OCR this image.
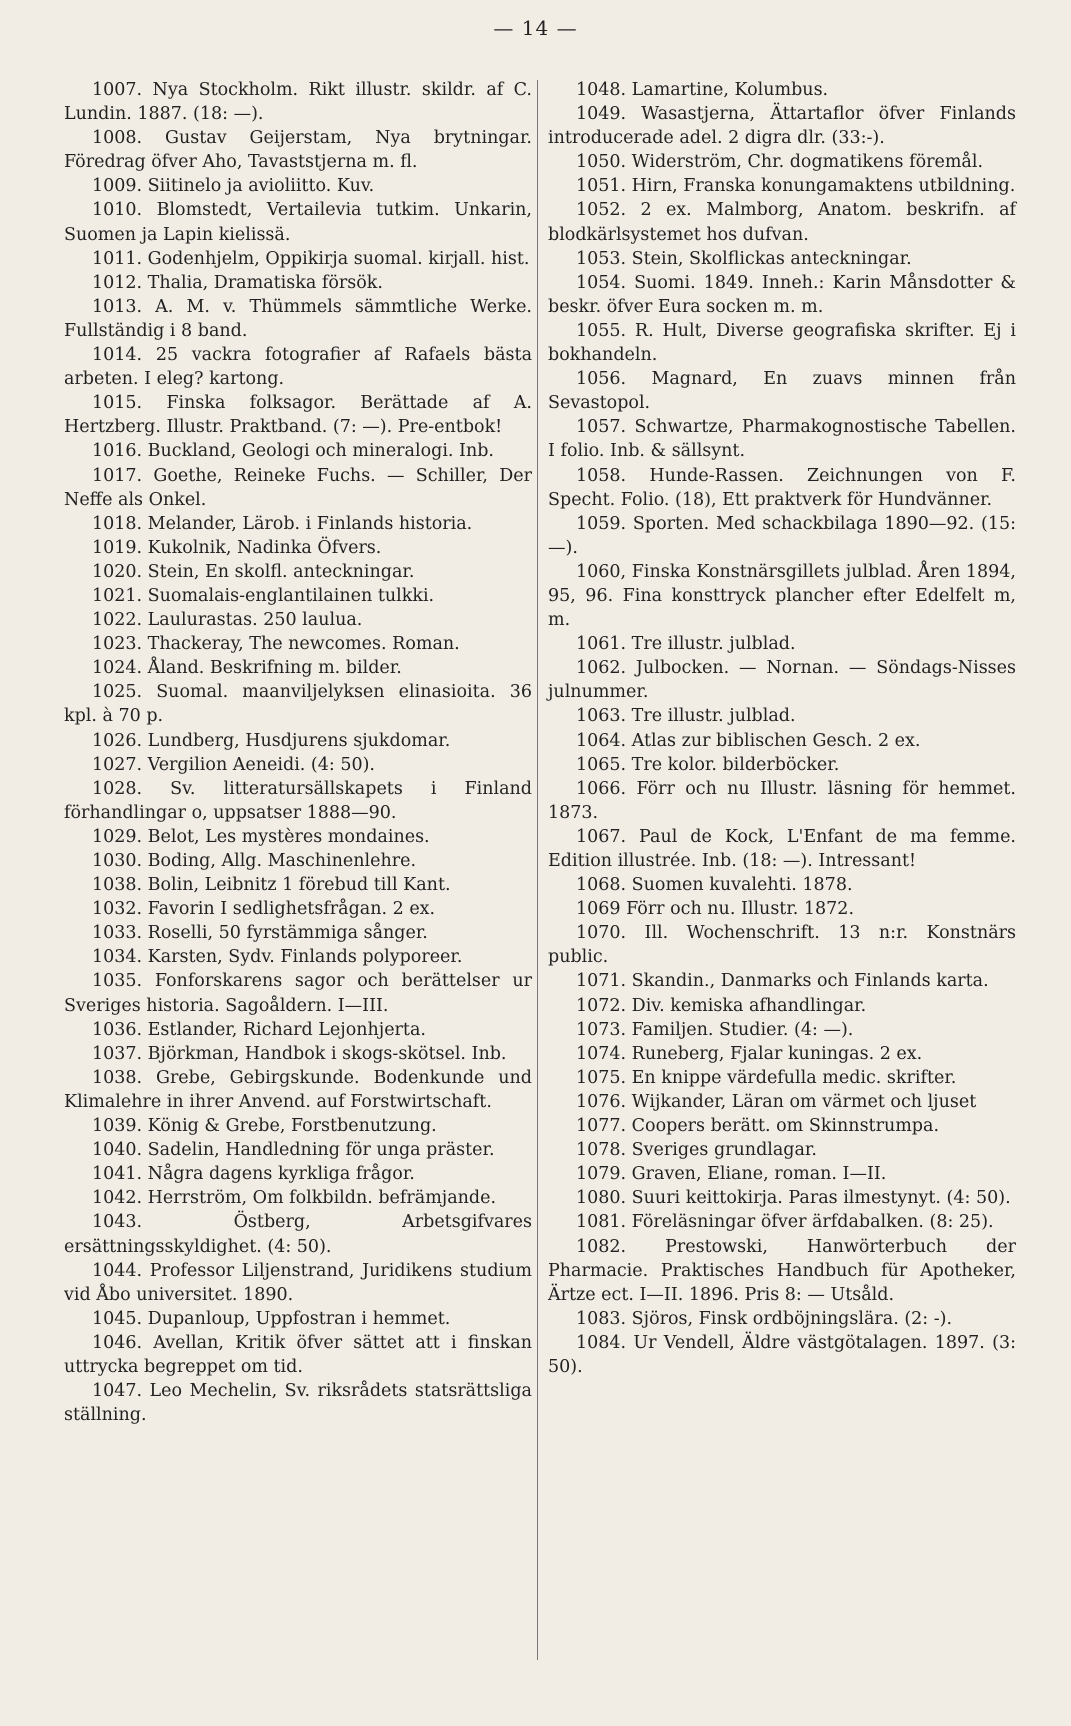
— 14 —
1007. Nya Stockholm. Rikt illustr. skildr. af C. Lundin. 1887. (18: —).
1008. Gustav Geijerstam, Nya brytningar. Föredrag öfver Aho, Tavaststjerna m. fl.
1009. Siitinelo ja avioliitto. Kuv.
1010. Blomstedt, Vertailevia tutkim. Unkarin, Suomen ja Lapin kielissä.
1011. Godenhjelm, Oppikirja suomal. kirjall. hist.
1012. Thalia, Dramatiska försök.
1013. A. M. v. Thümmels sämmtliche Werke. Fullständig i 8 band.
1014. 25 vackra fotografier af Rafaels bästa arbeten. I eleg? kartong.
1015. Finska folksagor. Berättade af A. Hertzberg. Illustr. Praktband. (7: —). Pre-entbok!
1016. Buckland, Geologi och mineralogi. Inb.
1017. Goethe, Reineke Fuchs. — Schiller, Der Neffe als Onkel.
1018. Melander, Lärob. i Finlands historia.
1019. Kukolnik, Nadinka Öfvers.
1020. Stein, En skolfl. anteckningar.
1021. Suomalais-englantilainen tulkki.
1022. Laulurastas. 250 laulua.
1023. Thackeray, The newcomes. Roman.
1024. Åland. Beskrifning m. bilder.
1025. Suomal. maanviljelyksen elinasioita. 36 kpl. à 70 p.
1026. Lundberg, Husdjurens sjukdomar.
1027. Vergilion Aeneidi. (4: 50).
1028. Sv. litteratursällskapets i Finland förhandlingar o, uppsatser 1888—90.
1029. Belot, Les mystères mondaines.
1030. Boding, Allg. Maschinenlehre.
1038. Bolin, Leibnitz 1 förebud till Kant.
1032. Favorin I sedlighetsfrågan. 2 ex.
1033. Roselli, 50 fyrstämmiga sånger.
1034. Karsten, Sydv. Finlands polyporeer.
1035. Fonforskarens sagor och berättelser ur Sveriges historia. Sagoåldern. I—III.
1036. Estlander, Richard Lejonhjerta.
1037. Björkman, Handbok i skogs-skötsel. Inb.
1038. Grebe, Gebirgskunde. Bodenkunde und Klimalehre in ihrer Anvend. auf Forstwirtschaft.
1039. König & Grebe, Forstbenutzung.
1040. Sadelin, Handledning för unga präster.
1041. Några dagens kyrkliga frågor.
1042. Herrström, Om folkbildn. befrämjande.
1043. Östberg, Arbetsgifvares ersättningsskyldighet. (4: 50).
1044. Professor Liljenstrand, Juridikens studium vid Åbo universitet. 1890.
1045. Dupanloup, Uppfostran i hemmet.
1046. Avellan, Kritik öfver sättet att i finskan uttrycka begreppet om tid.
1047. Leo Mechelin, Sv. riksrådets statsrättsliga ställning.
1048. Lamartine, Kolumbus.
1049. Wasastjerna, Ättartaflor öfver Finlands introducerade adel. 2 digra dlr. (33:-).
1050. Widerström, Chr. dogmatikens föremål.
1051. Hirn, Franska konungamaktens utbildning.
1052. 2 ex. Malmborg, Anatom. beskrifn. af blodkärlsystemet hos dufvan.
1053. Stein, Skolflickas anteckningar.
1054. Suomi. 1849. Inneh.: Karin Månsdotter & beskr. öfver Eura socken m. m.
1055. R. Hult, Diverse geografiska skrifter. Ej i bokhandeln.
1056. Magnard, En zuavs minnen från Sevastopol.
1057. Schwartze, Pharmakognostische Tabellen. I folio. Inb. & sällsynt.
1058. Hunde-Rassen. Zeichnungen von F. Specht. Folio. (18), Ett praktverk för Hundvänner.
1059. Sporten. Med schackbilaga 1890—92. (15: —).
1060, Finska Konstnärsgillets julblad. Åren 1894, 95, 96. Fina konsttryck plancher efter Edelfelt m, m.
1061. Tre illustr. julblad.
1062. Julbocken. — Nornan. — Söndags-Nisses julnummer.
1063. Tre illustr. julblad.
1064. Atlas zur biblischen Gesch. 2 ex.
1065. Tre kolor. bilderböcker.
1066. Förr och nu Illustr. läsning för hemmet. 1873.
1067. Paul de Kock, L'Enfant de ma femme. Edition illustrée. Inb. (18: —). Intressant!
1068. Suomen kuvalehti. 1878.
1069 Förr och nu. Illustr. 1872.
1070. Ill. Wochenschrift. 13 n:r. Konstnärs public.
1071. Skandin., Danmarks och Finlands karta.
1072. Div. kemiska afhandlingar.
1073. Familjen. Studier. (4: —).
1074. Runeberg, Fjalar kuningas. 2 ex.
1075. En knippe värdefulla medic. skrifter.
1076. Wijkander, Läran om värmet och ljuset
1077. Coopers berätt. om Skinnstrumpa.
1078. Sveriges grundlagar.
1079. Graven, Eliane, roman. I—II.
1080. Suuri keittokirja. Paras ilmestynyt. (4: 50).
1081. Föreläsningar öfver ärfdabalken. (8: 25).
1082. Prestowski, Hanwörterbuch der Pharmacie. Praktisches Handbuch für Apotheker, Ärtze ect. I—II. 1896. Pris 8: — Utsåld.
1083. Sjöros, Finsk ordböjningslära. (2: -).
1084. Ur Vendell, Äldre västgötalagen. 1897. (3: 50).
